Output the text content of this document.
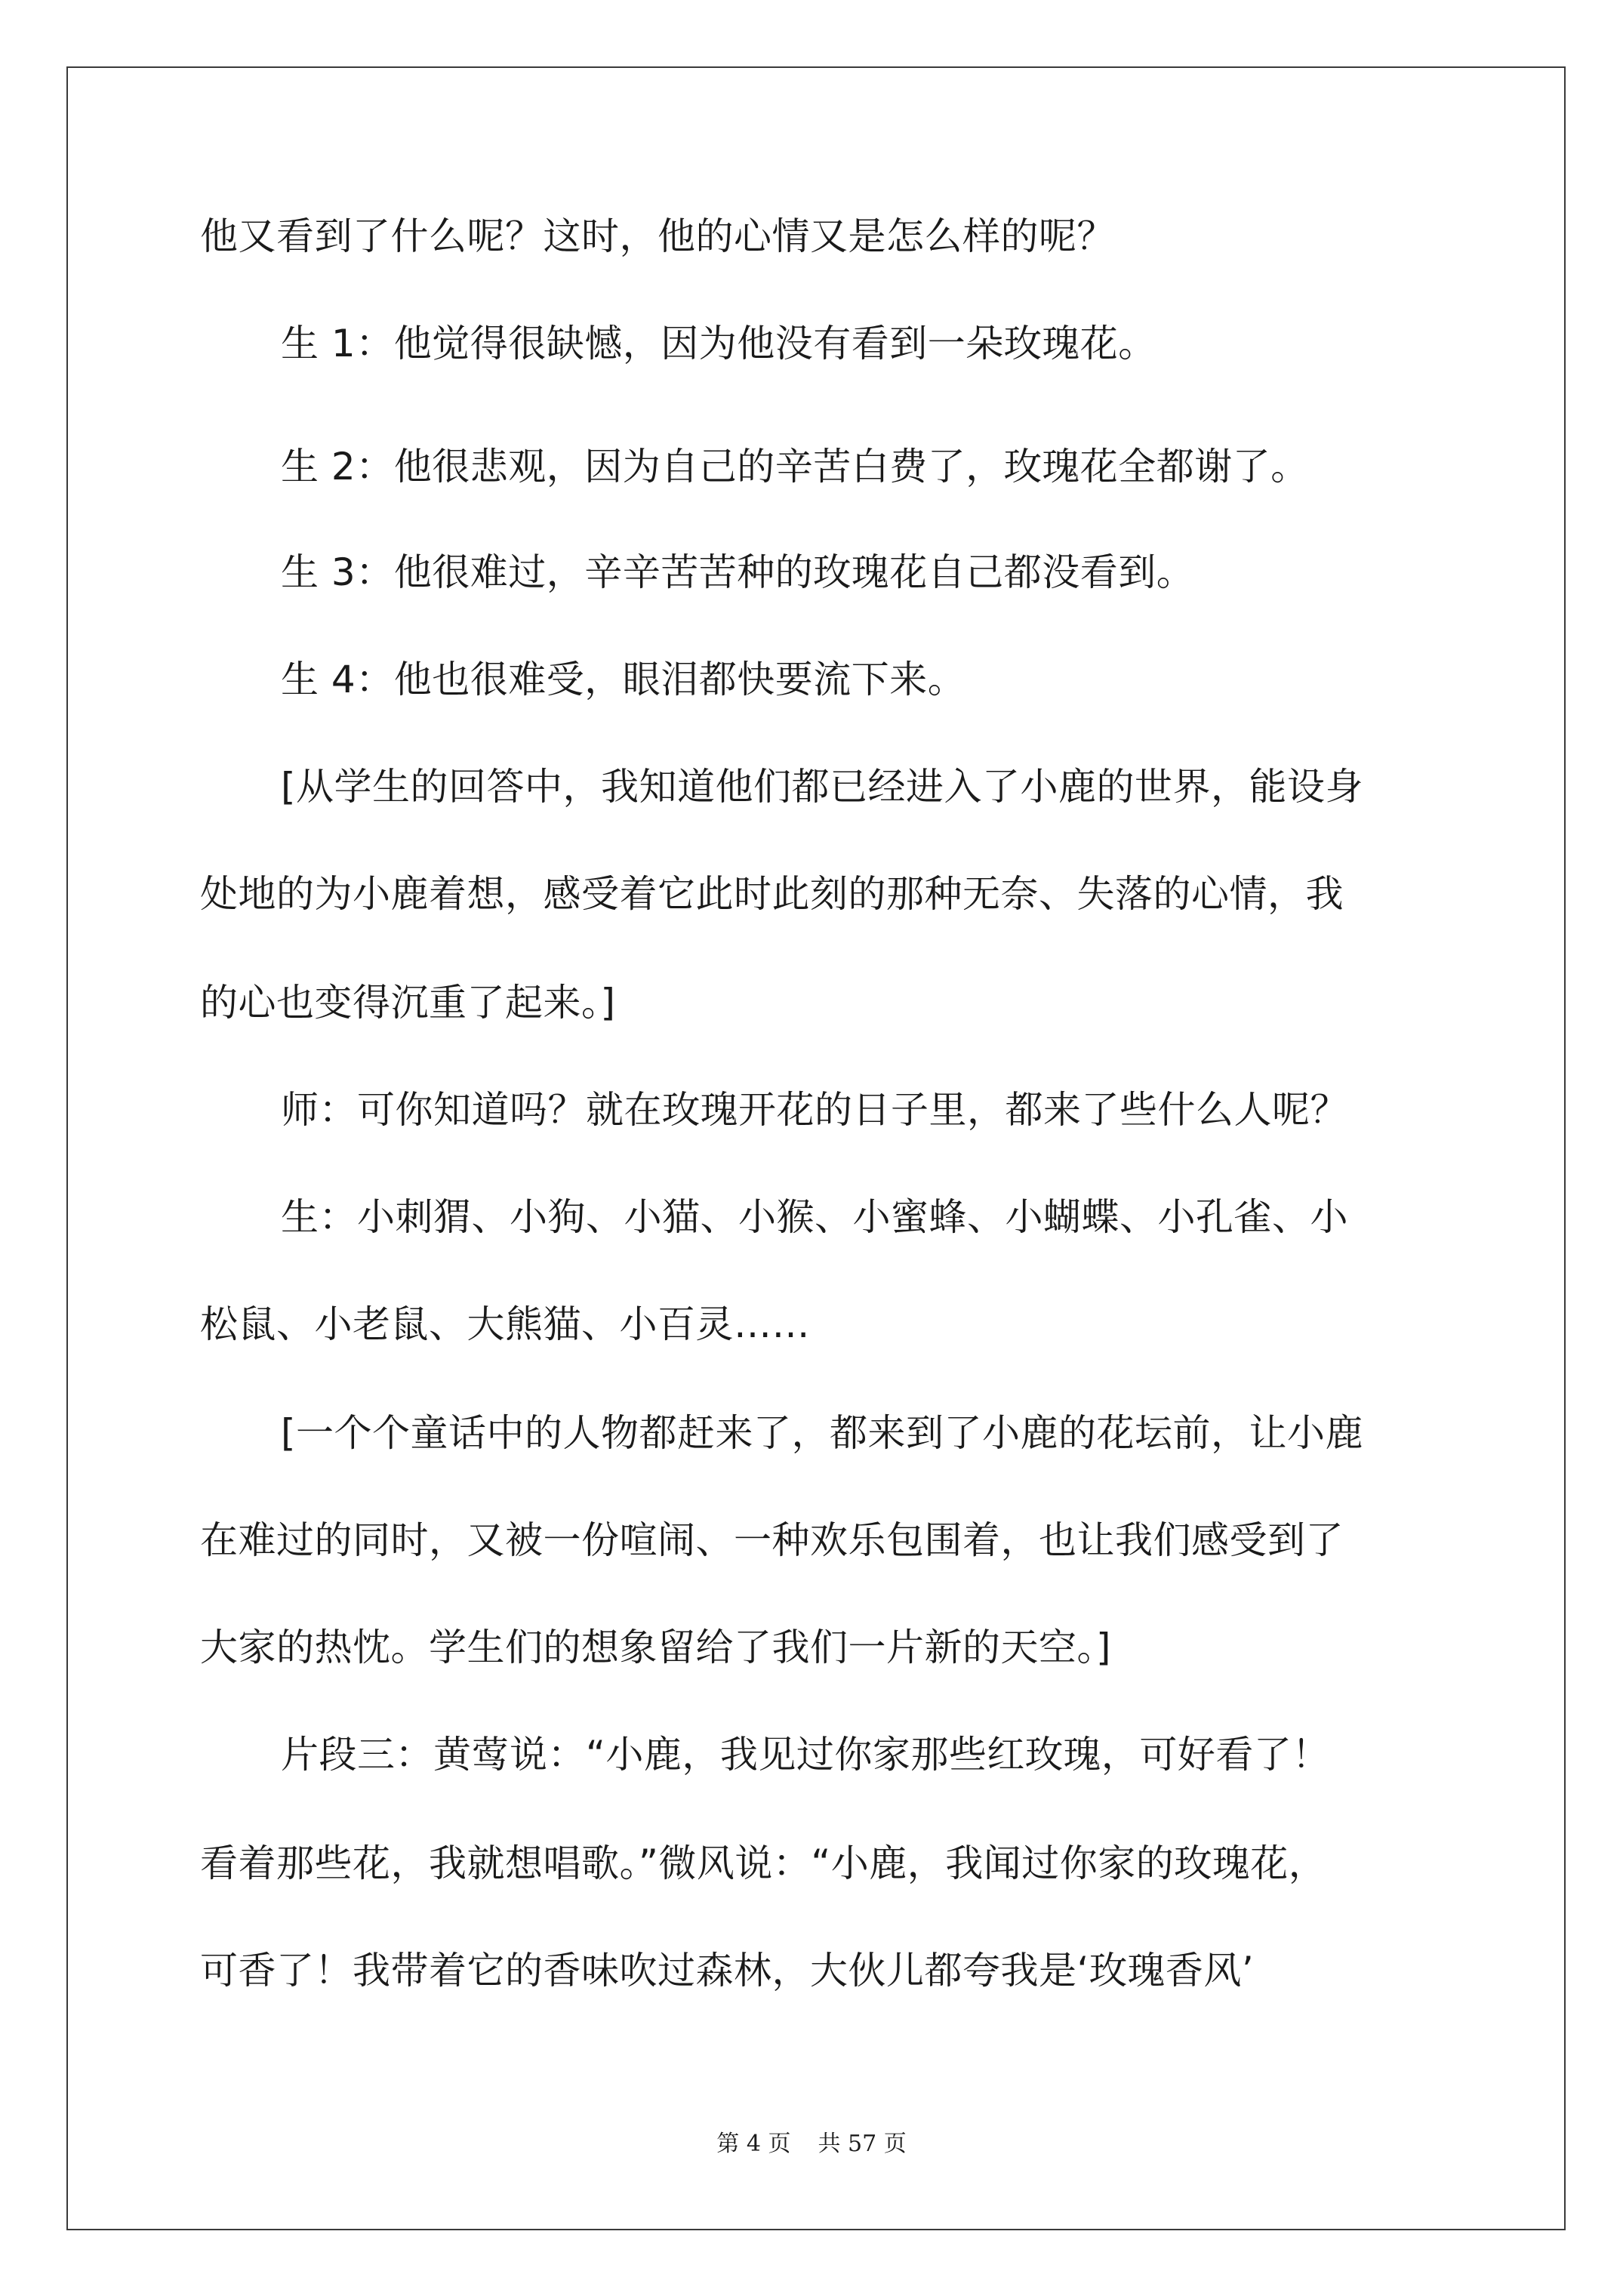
他又看到了什么呢？这时，他的心情又是怎么样的呢？
生 1：他觉得很缺憾，因为他没有看到一朵玫瑰花。
生 2：他很悲观，因为自己的辛苦白费了，玫瑰花全都谢了。
生 3：他很难过，辛辛苦苦种的玫瑰花自己都没看到。
生 4：他也很难受，眼泪都快要流下来。
[从学生的回答中，我知道他们都已经进入了小鹿的世界，能设身
处地的为小鹿着想，感受着它此时此刻的那种无奈、失落的心情，我
的心也变得沉重了起来。]
师：可你知道吗？就在玫瑰开花的日子里，都来了些什么人呢？
生：小刺猬、小狗、小猫、小猴、小蜜蜂、小蝴蝶、小孔雀、小
松鼠、小老鼠、大熊猫、小百灵……
[一个个童话中的人物都赶来了，都来到了小鹿的花坛前，让小鹿
在难过的同时，又被一份喧闹、一种欢乐包围着，也让我们感受到了
大家的热忱。学生们的想象留给了我们一片新的天空。]
片段三：黄莺说：“小鹿，我见过你家那些红玫瑰，可好看了！
看着那些花，我就想唱歌。”微风说：“小鹿，我闻过你家的玫瑰花，
可香了！我带着它的香味吹过森林，大伙儿都夸我是‘玫瑰香风’
第 4 页 共 57 页
